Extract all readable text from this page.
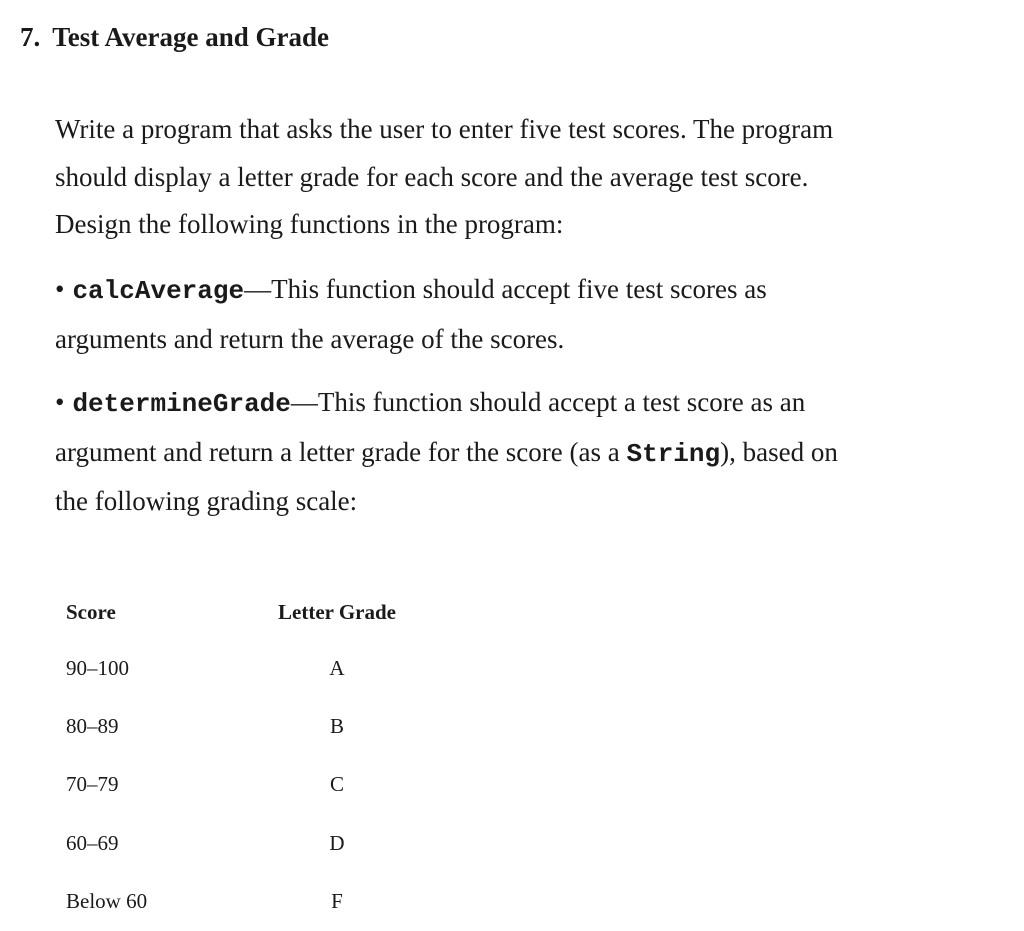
7. Test Average and Grade
Write a program that asks the user to enter five test scores. The program
should display a letter grade for each score and the average test score.
Design the following functions in the program:
• calcAverage—This function should accept five test scores as
arguments and return the average of the scores.
• determineGrade—This function should accept a test score as an
argument and return a letter grade for the score (as a String), based on
the following grading scale:
Score	Letter Grade
90–100	A
80–89	B
70–79	C
60–69	D
Below 60	F
